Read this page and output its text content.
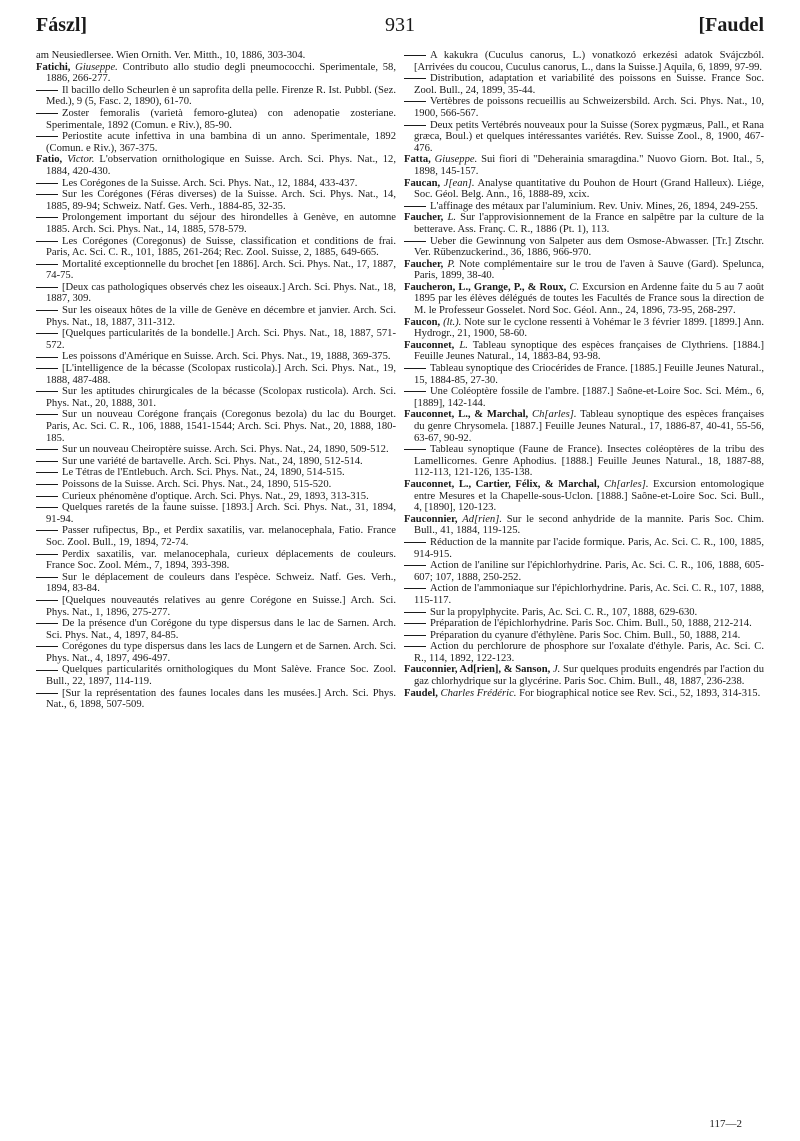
Fászl]	931	[Faudel
am Neusiedlersee. Wien Ornith. Ver. Mitth., 10, 1886, 303-304.
Fatichi, Giuseppe. Contributo allo studio degli pneumococchi. Sperimentale, 58, 1886, 266-277.
Il bacillo dello Scheurlen è un saprofita della pelle. Firenze R. Ist. Pubbl. (Sez. Med.), 9 (5, Fasc. 2, 1890), 61-70.
Zoster femoralis (varietà femoro-glutea) con adenopatie zosteriane. Sperimentale, 1892 (Comun. e Riv.), 85-90.
Periostite acute infettiva in una bambina di un anno. Sperimentale, 1892 (Comun. e Riv.), 367-375.
Fatio, Victor. L'observation ornithologique en Suisse. Arch. Sci. Phys. Nat., 12, 1884, 420-430.
Les Corégones de la Suisse. Arch. Sci. Phys. Nat., 12, 1884, 433-437.
Sur les Corégones (Féras diverses) de la Suisse. Arch. Sci. Phys. Nat., 14, 1885, 89-94; Schweiz. Natf. Ges. Verh., 1884-85, 32-35.
Prolongement important du séjour des hirondelles à Genève, en automne 1885. Arch. Sci. Phys. Nat., 14, 1885, 578-579.
Les Corégones (Coregonus) de Suisse, classification et conditions de frai. Paris, Ac. Sci. C. R., 101, 1885, 261-264; Rec. Zool. Suisse, 2, 1885, 649-665.
Mortalité exceptionnelle du brochet [en 1886]. Arch. Sci. Phys. Nat., 17, 1887, 74-75.
[Deux cas pathologiques observés chez les oiseaux.] Arch. Sci. Phys. Nat., 18, 1887, 309.
Sur les oiseaux hôtes de la ville de Genève en décembre et janvier. Arch. Sci. Phys. Nat., 18, 1887, 311-312.
[Quelques particularités de la bondelle.] Arch. Sci. Phys. Nat., 18, 1887, 571-572.
Les poissons d'Amérique en Suisse. Arch. Sci. Phys. Nat., 19, 1888, 369-375.
[L'intelligence de la bécasse (Scolopax rusticola).] Arch. Sci. Phys. Nat., 19, 1888, 487-488.
Sur les aptitudes chirurgicales de la bécasse (Scolopax rusticola). Arch. Sci. Phys. Nat., 20, 1888, 301.
Sur un nouveau Corégone français (Coregonus bezola) du lac du Bourget. Paris, Ac. Sci. C. R., 106, 1888, 1541-1544; Arch. Sci. Phys. Nat., 20, 1888, 180-185.
Sur un nouveau Cheiroptère suisse. Arch. Sci. Phys. Nat., 24, 1890, 509-512.
Sur une variété de bartavelle. Arch. Sci. Phys. Nat., 24, 1890, 512-514.
Le Tétras de l'Entlebuch. Arch. Sci. Phys. Nat., 24, 1890, 514-515.
Poissons de la Suisse. Arch. Sci. Phys. Nat., 24, 1890, 515-520.
Curieux phénomène d'optique. Arch. Sci. Phys. Nat., 29, 1893, 313-315.
Quelques raretés de la faune suisse. [1893.] Arch. Sci. Phys. Nat., 31, 1894, 91-94.
Passer rufipectus, Bp., et Perdix saxatilis, var. melanocephala, Fatio. France Soc. Zool. Bull., 19, 1894, 72-74.
Perdix saxatilis, var. melanocephala, curieux déplacements de couleurs. France Soc. Zool. Mém., 7, 1894, 393-398.
Sur le déplacement de couleurs dans l'espèce. Schweiz. Natf. Ges. Verh., 1894, 83-84.
[Quelques nouveautés relatives au genre Corégone en Suisse.] Arch. Sci. Phys. Nat., 1, 1896, 275-277.
De la présence d'un Corégone du type dispersus dans le lac de Sarnen. Arch. Sci. Phys. Nat., 4, 1897, 84-85.
Corégones du type dispersus dans les lacs de Lungern et de Sarnen. Arch. Sci. Phys. Nat., 4, 1897, 496-497.
Quelques particularités ornithologiques du Mont Salève. France Soc. Zool. Bull., 22, 1897, 114-119.
[Sur la représentation des faunes locales dans les musées.] Arch. Sci. Phys. Nat., 6, 1898, 507-509.
A kakukra (Cuculus canorus, L.) vonatkozó erkezési adatok Svájczból. [Arrivées du coucou, Cuculus canorus, L., dans la Suisse.] Aquila, 6, 1899, 97-99.
Distribution, adaptation et variabilité des poissons en Suisse. France Soc. Zool. Bull., 24, 1899, 35-44.
Vertèbres de poissons recueillis au Schweizersbild. Arch. Sci. Phys. Nat., 10, 1900, 566-567.
Deux petits Vertébrés nouveaux pour la Suisse (Sorex pygmæus, Pall., et Rana græca, Boul.) et quelques intéressantes variétés. Rev. Suisse Zool., 8, 1900, 467-476.
Fatta, Giuseppe. Sui fiori di "Deherainia smaragdina." Nuovo Giorn. Bot. Ital., 5, 1898, 145-157.
Faucan, J[ean]. Analyse quantitative du Pouhon de Hourt (Grand Halleux). Liége, Soc. Géol. Belg. Ann., 16, 1888-89, xcix.
L'affinage des métaux par l'aluminium. Rev. Univ. Mines, 26, 1894, 249-255.
Faucher, L. Sur l'approvisionnement de la France en salpêtre par la culture de la betterave. Ass. Franç. C. R., 1886 (Pt. 1), 113.
Ueber die Gewinnung von Salpeter aus dem Osmose-Abwasser. [Tr.] Ztschr. Ver. Rübenzuckerind., 36, 1886, 966-970.
Faucher, P. Note complémentaire sur le trou de l'aven à Sauve (Gard). Spelunca, Paris, 1899, 38-40.
Faucheron, L., Grange, P., & Roux, C. Excursion en Ardenne faite du 5 au 7 août 1895 par les élèves délégués de toutes les Facultés de France sous la direction de M. le Professeur Gosselet. Nord Soc. Géol. Ann., 24, 1896, 73-95, 268-297.
Faucon, (lt.). Note sur le cyclone ressenti à Vohémar le 3 février 1899. [1899.] Ann. Hydrogr., 21, 1900, 58-60.
Fauconnet, L. Tableau synoptique des espèces françaises de Clythriens. [1884.] Feuille Jeunes Natural., 14, 1883-84, 93-98.
Tableau synoptique des Criocérides de France. [1885.] Feuille Jeunes Natural., 15, 1884-85, 27-30.
Une Coléoptère fossile de l'ambre. [1887.] Saône-et-Loire Soc. Sci. Mém., 6, [1889], 142-144.
Fauconnet, L., & Marchal, Ch[arles]. Tableau synoptique des espèces françaises du genre Chrysomela. [1887.] Feuille Jeunes Natural., 17, 1886-87, 40-41, 55-56, 63-67, 90-92.
Tableau synoptique (Faune de France). Insectes coléoptères de la tribu des Lamellicornes. Genre Aphodius. [1888.] Feuille Jeunes Natural., 18, 1887-88, 112-113, 121-126, 135-138.
Fauconnet, L., Cartier, Félix, & Marchal, Ch[arles]. Excursion entomologique entre Mesures et la Chapelle-sous-Uclon. [1888.] Saône-et-Loire Soc. Sci. Bull., 4, [1890], 120-123.
Fauconnier, Ad[rien]. Sur le second anhydride de la mannite. Paris Soc. Chim. Bull., 41, 1884, 119-125.
Réduction de la mannite par l'acide formique. Paris, Ac. Sci. C. R., 100, 1885, 914-915.
Action de l'aniline sur l'épichlorhydrine. Paris, Ac. Sci. C. R., 106, 1888, 605-607; 107, 1888, 250-252.
Action de l'ammoniaque sur l'épichlorhydrine. Paris, Ac. Sci. C. R., 107, 1888, 115-117.
Sur la propylphycite. Paris, Ac. Sci. C. R., 107, 1888, 629-630.
Préparation de l'épichlorhydrine. Paris Soc. Chim. Bull., 50, 1888, 212-214.
Préparation du cyanure d'éthylène. Paris Soc. Chim. Bull., 50, 1888, 214.
Action du perchlorure de phosphore sur l'oxalate d'éthyle. Paris, Ac. Sci. C. R., 114, 1892, 122-123.
Fauconnier, Ad[rien], & Sanson, J. Sur quelques produits engendrés par l'action du gaz chlorhydrique sur la glycérine. Paris Soc. Chim. Bull., 48, 1887, 236-238.
Faudel, Charles Frédéric. For biographical notice see Rev. Sci., 52, 1893, 314-315.
117—2
